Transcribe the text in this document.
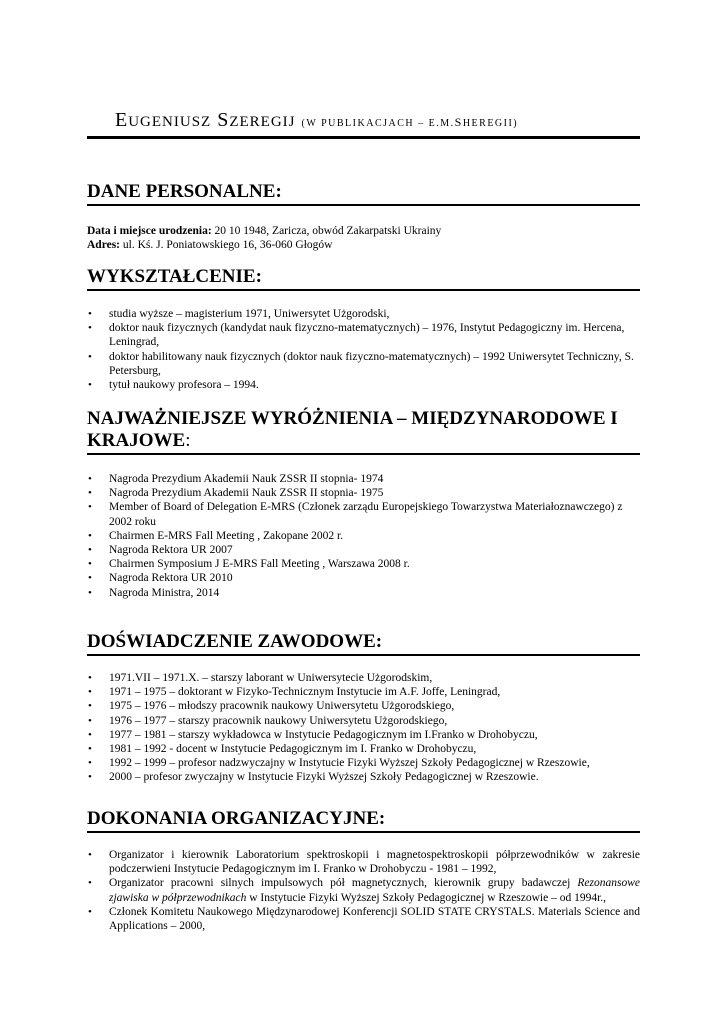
EUGENIUSZ SZEREGIJ (W PUBLIKACJACH – E.M.SHEREGII)
DANE PERSONALNE:
Data i miejsce urodzenia: 20 10 1948, Zaricza, obwód Zakarpatski Ukrainy
Adres: ul. Kś. J. Poniatowskiego 16, 36-060 Głogów
WYKSZTAŁCENIE:
• studia wyższe – magisterium 1971, Uniwersytet Użgorodski,
• doktor nauk fizycznych (kandydat nauk fizyczno-matematycznych) – 1976, Instytut Pedagogiczny im. Hercena, Leningrad,
• doktor habilitowany nauk fizycznych (doktor nauk fizyczno-matematycznych) – 1992 Uniwersytet Techniczny, S. Petersburg,
• tytuł naukowy profesora – 1994.
NAJWAŻNIEJSZE WYRÓŻNIENIA – MIĘDZYNARODOWE I KRAJOWE:
• Nagroda Prezydium Akademii Nauk ZSSR II stopnia- 1974
• Nagroda Prezydium Akademii Nauk ZSSR II stopnia- 1975
• Member of Board of Delegation E-MRS (Członek zarządu Europejskiego Towarzystwa Materiałoznawczego) z 2002 roku
• Chairmen E-MRS Fall Meeting , Zakopane 2002 r.
• Nagroda Rektora UR 2007
• Chairmen Symposium J E-MRS Fall Meeting , Warszawa 2008 r.
• Nagroda Rektora UR 2010
• Nagroda Ministra, 2014
DOŚWIADCZENIE ZAWODOWE:
• 1971.VII – 1971.X. – starszy laborant w Uniwersytecie Użgorodskim,
• 1971 – 1975 – doktorant w Fizyko-Technicznym Instytucie im A.F. Joffe, Leningrad,
• 1975 – 1976 – młodszy pracownik naukowy Uniwersytetu Użgorodskiego,
• 1976 – 1977 – starszy pracownik naukowy Uniwersytetu Użgorodskiego,
• 1977 – 1981 – starszy wykładowca w Instytucie Pedagogicznym im I.Franko w Drohobyczu,
• 1981 – 1992 - docent w Instytucie Pedagogicznym im I. Franko w Drohobyczu,
• 1992 – 1999 – profesor nadzwyczajny w Instytucie Fizyki Wyższej Szkoły Pedagogicznej w Rzeszowie,
• 2000 – profesor zwyczajny w Instytucie Fizyki Wyższej Szkoły Pedagogicznej w Rzeszowie.
DOKONANIA ORGANIZACYJNE:
• Organizator i kierownik Laboratorium spektroskopii i magnetospektroskopii półprzewodników w zakresie podczerwieni Instytucie Pedagogicznym im I. Franko w Drohobyczu - 1981 – 1992,
• Organizator pracowni silnych impulsowych pół magnetycznych, kierownik grupy badawczej Rezonansowe zjawiska w półprzewodnikach w Instytucie Fizyki Wyższej Szkoły Pedagogicznej w Rzeszowie – od 1994r.,
• Członek Komitetu Naukowego Międzynarodowej Konferencji SOLID STATE CRYSTALS. Materials Science and Applications – 2000,
